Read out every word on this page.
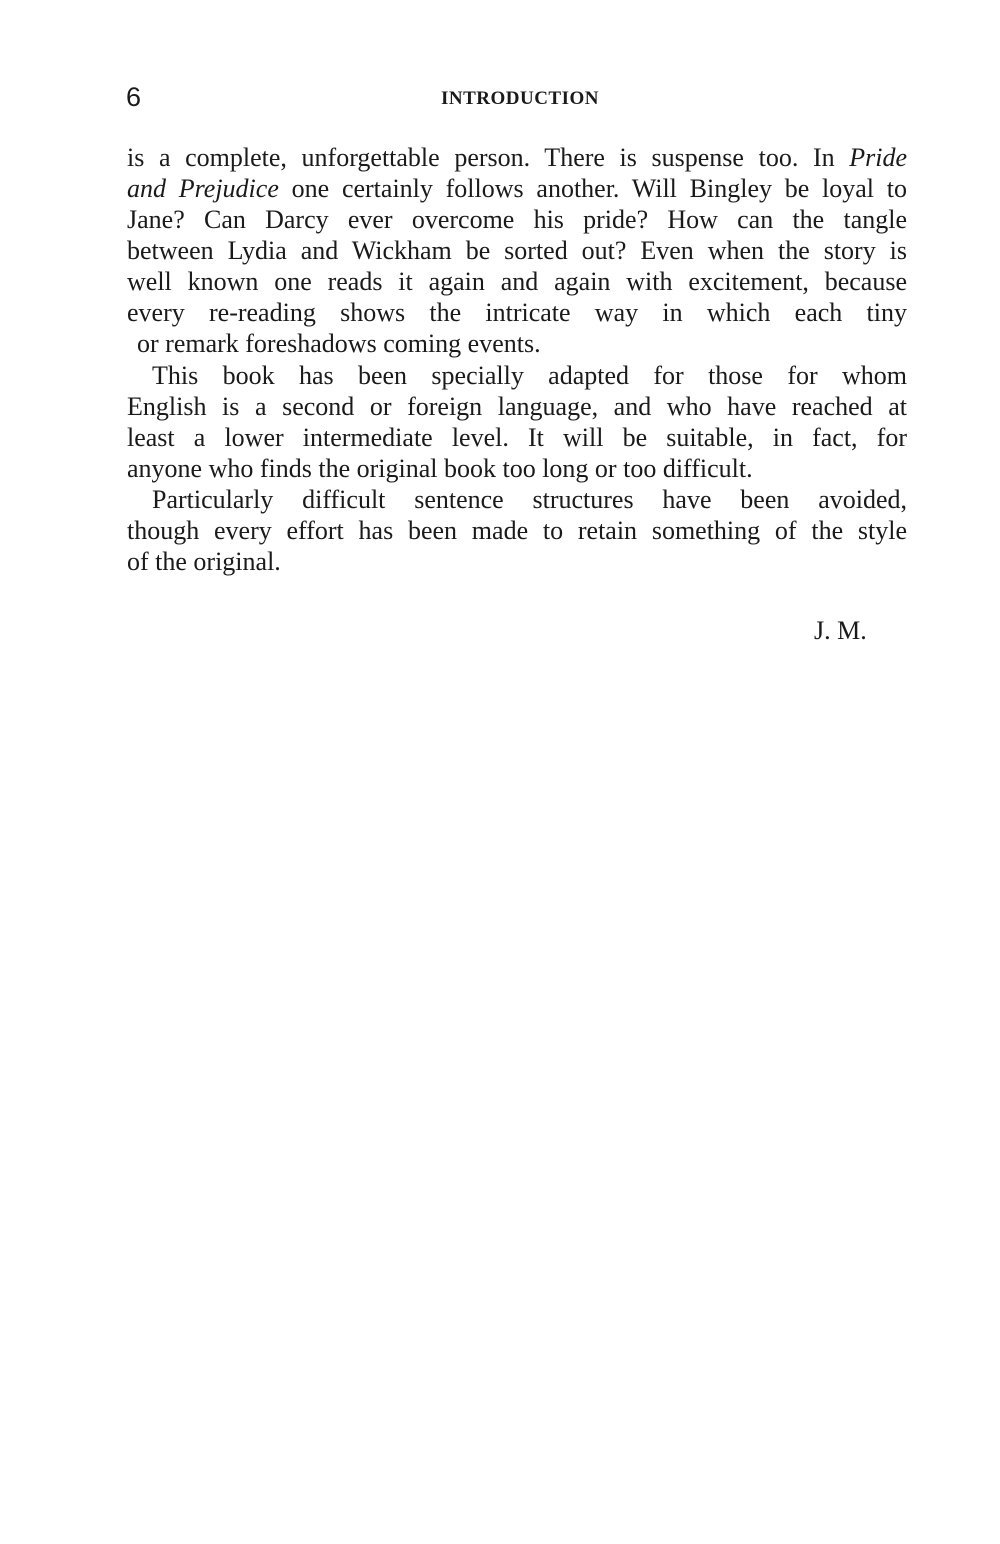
6	INTRODUCTION
is a complete, unforgettable person. There is suspense too. In Pride
and Prejudice one certainly follows another. Will Bingley be loyal to
Jane? Can Darcy ever overcome his pride? How can the tangle
between Lydia and Wickham be sorted out? Even when the story is
well known one reads it again and again with excitement, because
every re-reading shows the intricate way in which each tiny
or remark foreshadows coming events.
This book has been specially adapted for those for whom
English is a second or foreign language, and who have reached at
least a lower intermediate level. It will be suitable, in fact, for
anyone who finds the original book too long or too difficult.
Particularly difficult sentence structures have been avoided,
though every effort has been made to retain something of the style
of the original.
J. M.
